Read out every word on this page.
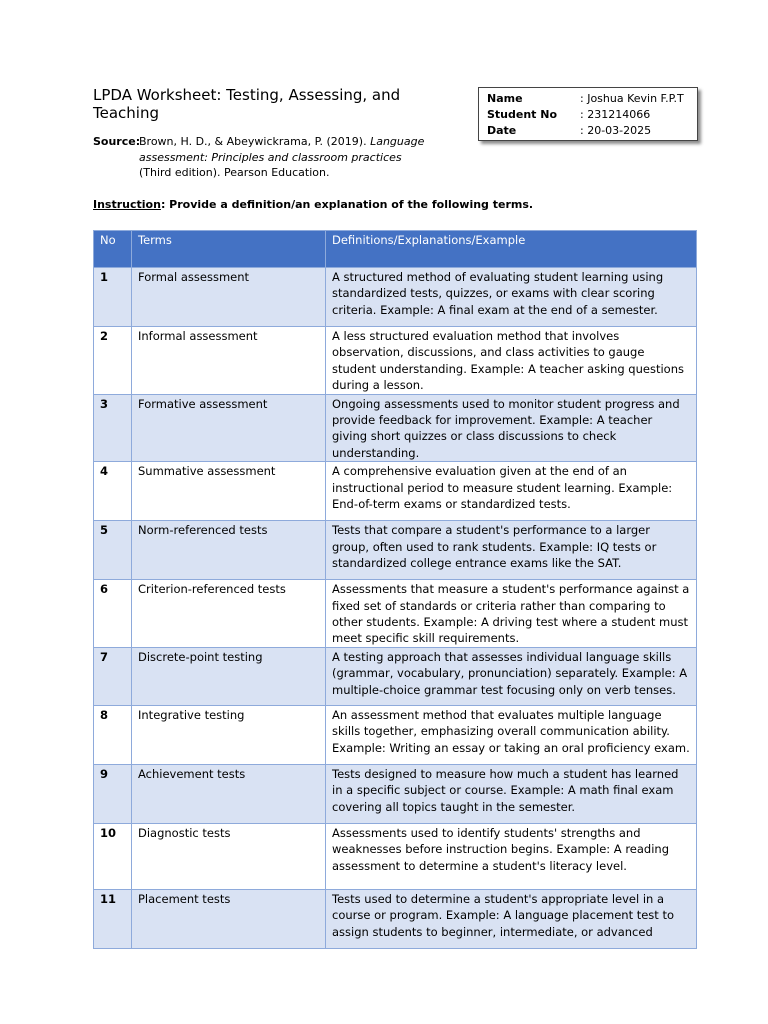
LPDA Worksheet: Testing, Assessing, and Teaching
Name	: Joshua Kevin F.P.T
Student No	: 231214066
Date	: 20-03-2025
Source:
Brown, H. D., & Abeywickrama, P. (2019). Language assessment: Principles and classroom practices (Third edition). Pearson Education.
Instruction: Provide a definition/an explanation of the following terms.
No	Terms	Definitions/Explanations/Example
1	Formal assessment	A structured method of evaluating student learning using standardized tests, quizzes, or exams with clear scoring criteria. Example: A final exam at the end of a semester.
2	Informal assessment	A less structured evaluation method that involves observation, discussions, and class activities to gauge student understanding. Example: A teacher asking questions during a lesson.
3	Formative assessment	Ongoing assessments used to monitor student progress and provide feedback for improvement. Example: A teacher giving short quizzes or class discussions to check understanding.
4	Summative assessment	A comprehensive evaluation given at the end of an instructional period to measure student learning. Example: End-of-term exams or standardized tests.
5	Norm-referenced tests	Tests that compare a student's performance to a larger group, often used to rank students. Example: IQ tests or standardized college entrance exams like the SAT.
6	Criterion-referenced tests	Assessments that measure a student's performance against a fixed set of standards or criteria rather than comparing to other students. Example: A driving test where a student must meet specific skill requirements.
7	Discrete-point testing	A testing approach that assesses individual language skills (grammar, vocabulary, pronunciation) separately. Example: A multiple-choice grammar test focusing only on verb tenses.
8	Integrative testing	An assessment method that evaluates multiple language skills together, emphasizing overall communication ability. Example: Writing an essay or taking an oral proficiency exam.
9	Achievement tests	Tests designed to measure how much a student has learned in a specific subject or course. Example: A math final exam covering all topics taught in the semester.
10	Diagnostic tests	Assessments used to identify students' strengths and weaknesses before instruction begins. Example: A reading assessment to determine a student's literacy level.
11	Placement tests	Tests used to determine a student's appropriate level in a course or program. Example: A language placement test to assign students to beginner, intermediate, or advanced
